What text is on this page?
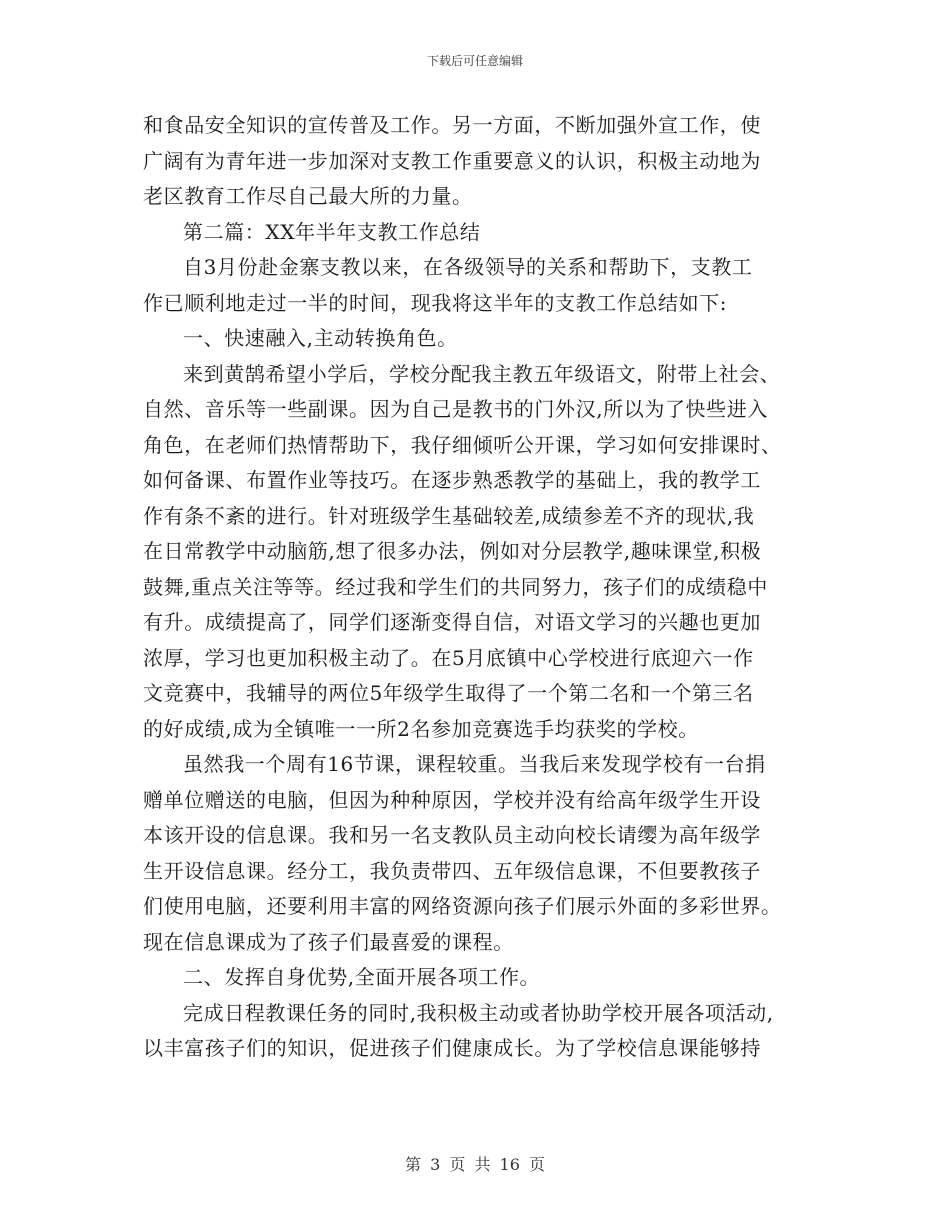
下载后可任意编辑
和食品安全知识的宣传普及工作。另一方面，不断加强外宣工作，使
广阔有为青年进一步加深对支教工作重要意义的认识，积极主动地为
老区教育工作尽自己最大所的力量。
第二篇：XX年半年支教工作总结
自3月份赴金寨支教以来，在各级领导的关系和帮助下，支教工
作已顺利地走过一半的时间，现我将这半年的支教工作总结如下:
一、快速融入,主动转换角色。
来到黄鹄希望小学后，学校分配我主教五年级语文，附带上社会、
自然、音乐等一些副课。因为自己是教书的门外汉,所以为了快些进入
角色，在老师们热情帮助下，我仔细倾听公开课，学习如何安排课时、
如何备课、布置作业等技巧。在逐步熟悉教学的基础上，我的教学工
作有条不紊的进行。针对班级学生基础较差,成绩参差不齐的现状,我
在日常教学中动脑筋,想了很多办法，例如对分层教学,趣味课堂,积极
鼓舞,重点关注等等。经过我和学生们的共同努力，孩子们的成绩稳中
有升。成绩提高了，同学们逐渐变得自信，对语文学习的兴趣也更加
浓厚，学习也更加积极主动了。在5月底镇中心学校进行底迎六一作
文竞赛中，我辅导的两位5年级学生取得了一个第二名和一个第三名
的好成绩,成为全镇唯一一所2名参加竞赛选手均获奖的学校。
虽然我一个周有16节课，课程较重。当我后来发现学校有一台捐
赠单位赠送的电脑，但因为种种原因，学校并没有给高年级学生开设
本该开设的信息课。我和另一名支教队员主动向校长请缨为高年级学
生开设信息课。经分工，我负责带四、五年级信息课，不但要教孩子
们使用电脑，还要利用丰富的网络资源向孩子们展示外面的多彩世界。
现在信息课成为了孩子们最喜爱的课程。
二、发挥自身优势,全面开展各项工作。
完成日程教课任务的同时,我积极主动或者协助学校开展各项活动,
以丰富孩子们的知识，促进孩子们健康成长。为了学校信息课能够持
第 3 页 共 16 页
